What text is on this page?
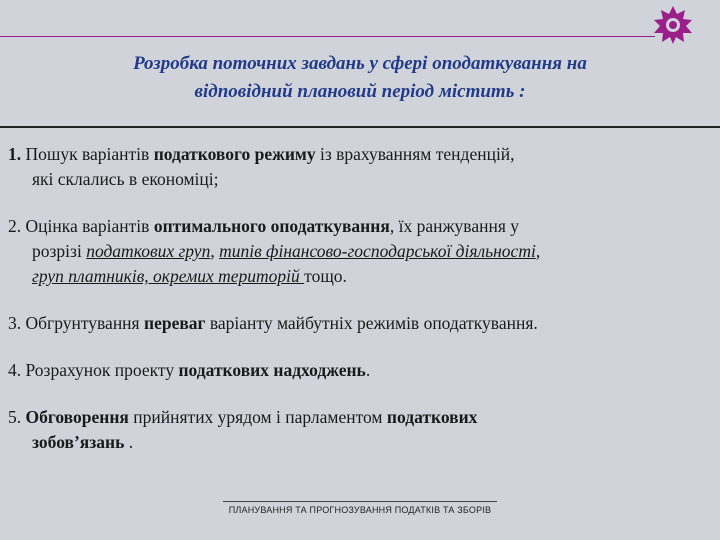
Розробка поточних завдань у сфері оподаткування на
відповідний плановий період містить :
1. Пошук варіантів податкового режиму із врахуванням тенденцій,
які склались в економіці;
2. Оцінка варіантів оптимального оподаткування, їх ранжування у
розрізі податкових груп, типів фінансово-господарської діяльності,
груп платників, окремих територій тощо.
3. Обгрунтування переваг варіанту майбутніх режимів оподаткування.
4. Розрахунок проекту податкових надходжень.
5. Обговорення прийнятих урядом і парламентом податкових
зобов’язань .
ПЛАНУВАННЯ ТА ПРОГНОЗУВАННЯ ПОДАТКІВ ТА ЗБОРІВ
